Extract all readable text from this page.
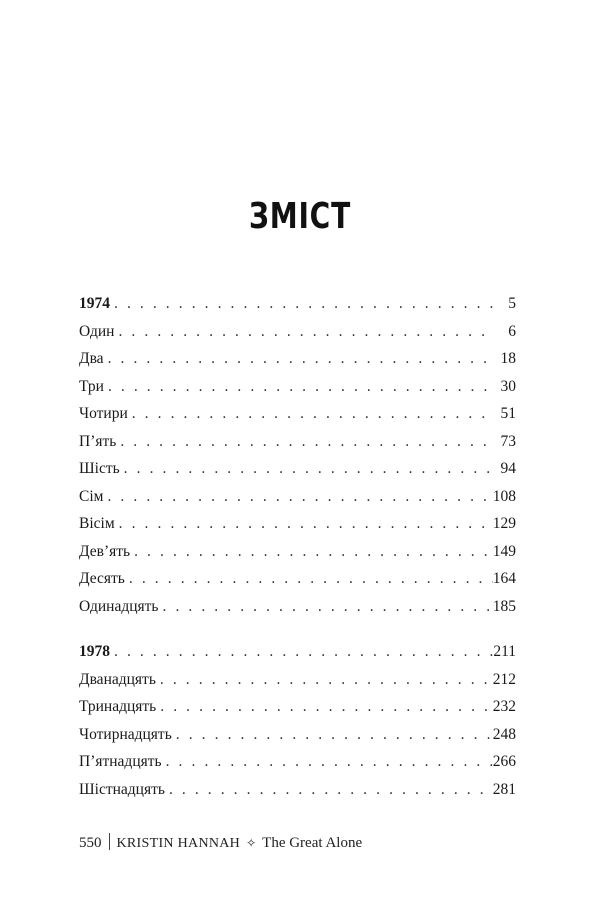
ЗМІСТ
1974 . . .	5
Один . . .	6
Два . . .	18
Три . . .	30
Чотири . . .	51
П’ять . . .	73
Шість . . .	94
Сім . . .	108
Вісім . . .	129
Дев’ять . . .	149
Десять . . .	164
Одинадцять . . .	185
1978 . . .	211
Дванадцять . . .	212
Тринадцять . . .	232
Чотирнадцять . . .	248
П’ятнадцять . . .	266
Шістнадцять . . .	281
550 KRISTIN HANNAH ✧ The Great Alone
